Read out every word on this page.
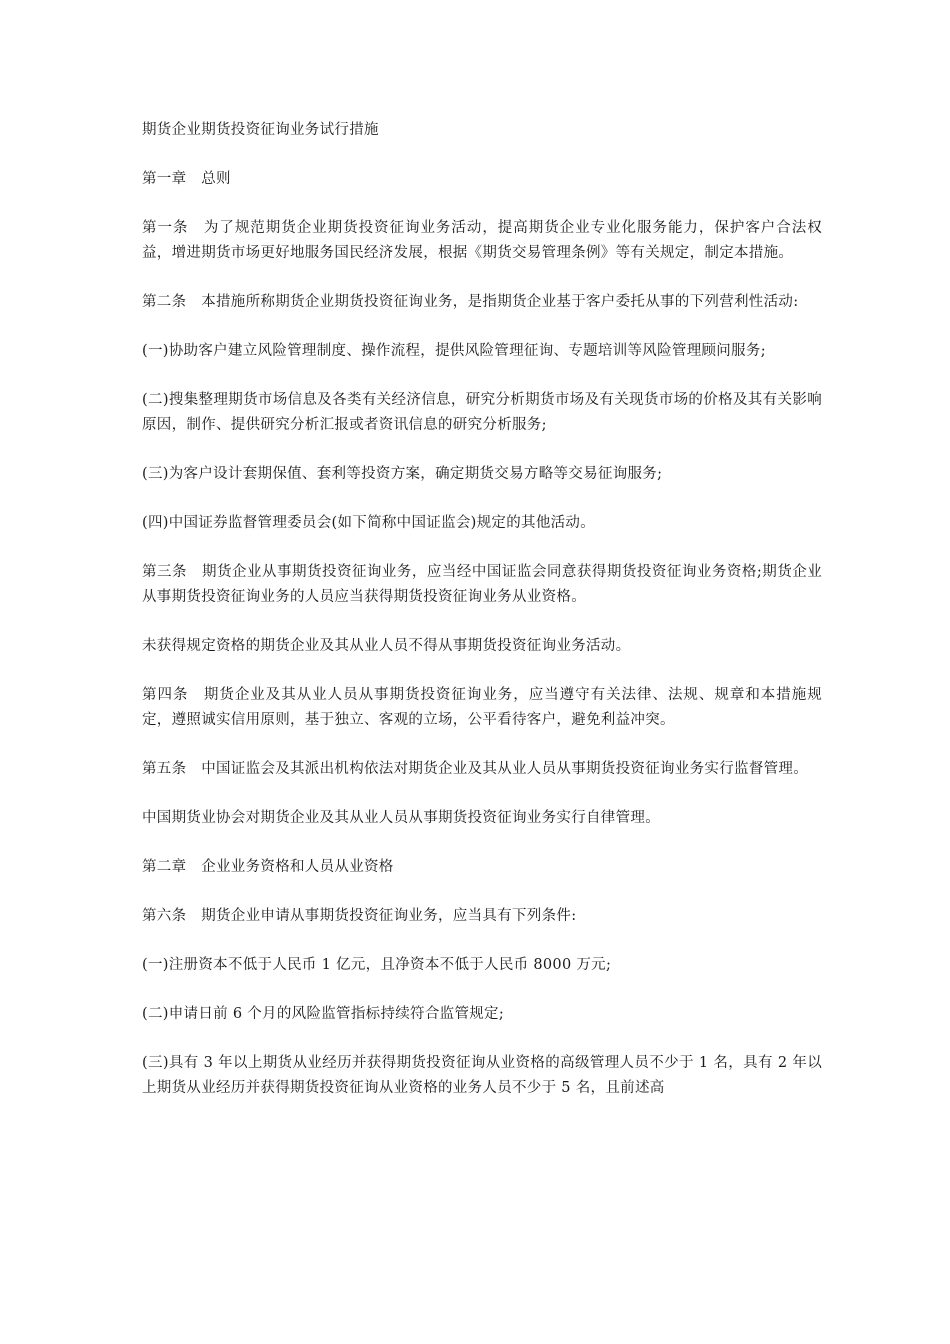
期货企业期货投资征询业务试行措施

第一章　总则

第一条　为了规范期货企业期货投资征询业务活动，提高期货企业专业化服务能力，保护客户合法权益，增进期货市场更好地服务国民经济发展，根据《期货交易管理条例》等有关规定，制定本措施。

第二条　本措施所称期货企业期货投资征询业务，是指期货企业基于客户委托从事的下列营利性活动:

(一)协助客户建立风险管理制度、操作流程，提供风险管理征询、专题培训等风险管理顾问服务;

(二)搜集整理期货市场信息及各类有关经济信息，研究分析期货市场及有关现货市场的价格及其有关影响原因，制作、提供研究分析汇报或者资讯信息的研究分析服务;

(三)为客户设计套期保值、套利等投资方案，确定期货交易方略等交易征询服务;

(四)中国证券监督管理委员会(如下简称中国证监会)规定的其他活动。

第三条　期货企业从事期货投资征询业务，应当经中国证监会同意获得期货投资征询业务资格;期货企业从事期货投资征询业务的人员应当获得期货投资征询业务从业资格。

未获得规定资格的期货企业及其从业人员不得从事期货投资征询业务活动。

第四条　期货企业及其从业人员从事期货投资征询业务，应当遵守有关法律、法规、规章和本措施规定，遵照诚实信用原则，基于独立、客观的立场，公平看待客户，避免利益冲突。

第五条　中国证监会及其派出机构依法对期货企业及其从业人员从事期货投资征询业务实行监督管理。

中国期货业协会对期货企业及其从业人员从事期货投资征询业务实行自律管理。

第二章　企业业务资格和人员从业资格

第六条　期货企业申请从事期货投资征询业务，应当具有下列条件:

(一)注册资本不低于人民币 1 亿元，且净资本不低于人民币 8000 万元;

(二)申请日前 6 个月的风险监管指标持续符合监管规定;

(三)具有 3 年以上期货从业经历并获得期货投资征询从业资格的高级管理人员不少于 1 名，具有 2 年以上期货从业经历并获得期货投资征询从业资格的业务人员不少于 5 名，且前述高
